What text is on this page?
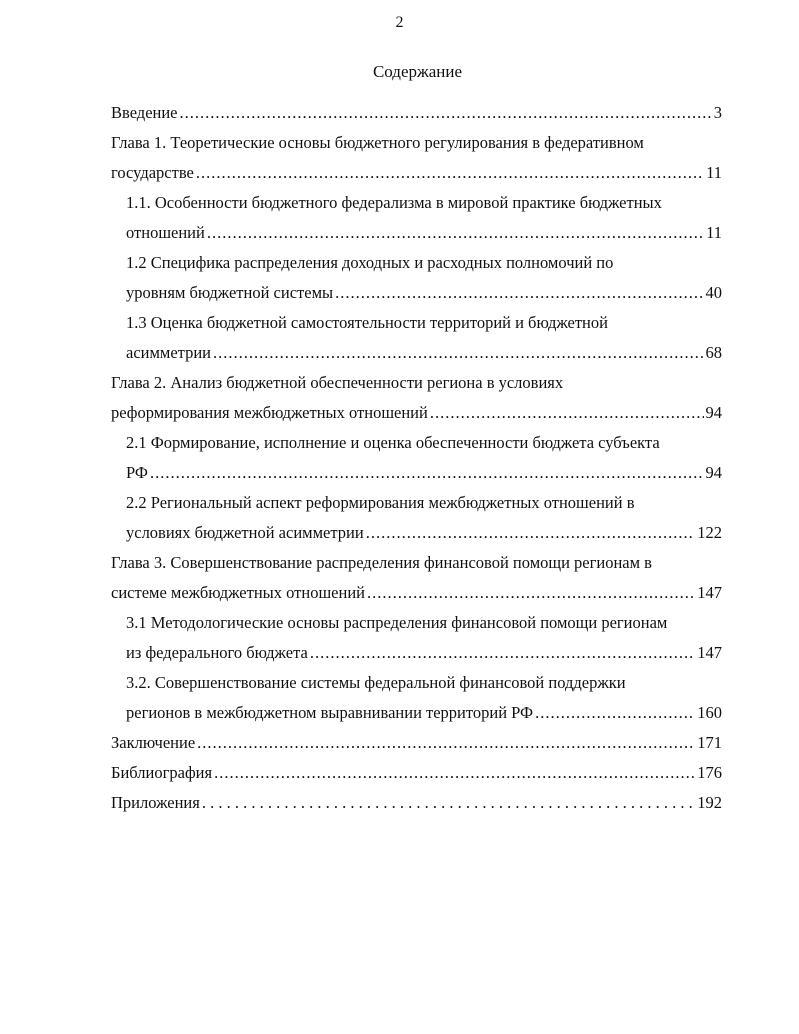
2
Содержание
Введение .....	3
Глава 1. Теоретические основы бюджетного регулирования в федеративном
государстве .....	11
1.1. Особенности бюджетного федерализма в мировой практике бюджетных
отношений .....	11
1.2 Специфика распределения доходных и расходных полномочий по
уровням бюджетной системы .....	40
1.3 Оценка бюджетной самостоятельности территорий и бюджетной
асимметрии .....	68
Глава 2. Анализ бюджетной обеспеченности региона в условиях
реформирования межбюджетных отношений .....	94
2.1 Формирование, исполнение и оценка обеспеченности бюджета субъекта
РФ .....	94
2.2 Региональный аспект реформирования межбюджетных отношений в
условиях бюджетной асимметрии .....	122
Глава 3. Совершенствование распределения финансовой помощи регионам в
системе межбюджетных отношений .....	147
3.1 Методологические основы распределения финансовой помощи регионам
из федерального бюджета .....	147
3.2. Совершенствование системы федеральной финансовой поддержки
регионов в межбюджетном выравнивании территорий РФ .....	160
Заключение .....	171
Библиография .....	176
Приложения . . .	192
